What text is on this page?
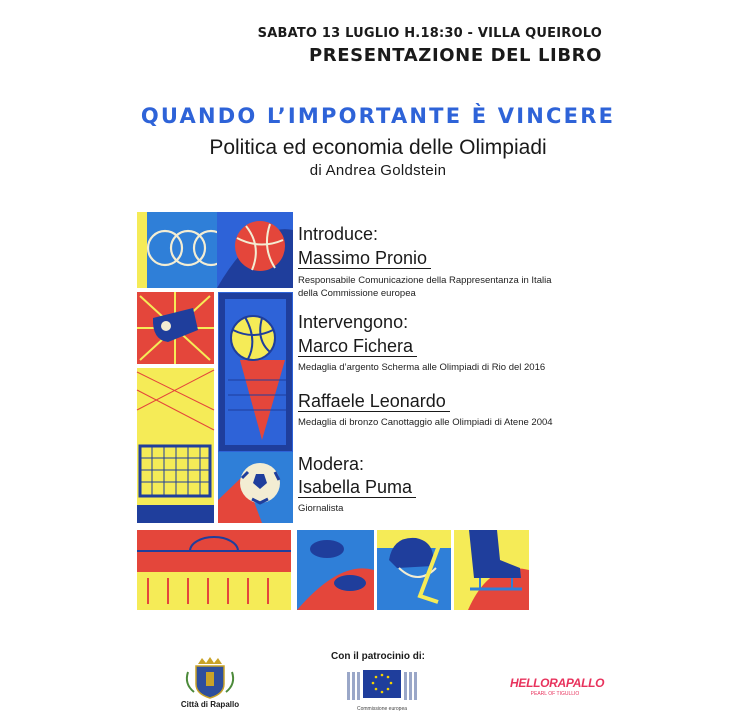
SABATO 13 LUGLIO H.18:30 - VILLA QUEIROLO
PRESENTAZIONE DEL LIBRO
QUANDO L’IMPORTANTE È VINCERE
Politica ed economia delle Olimpiadi
di Andrea Goldstein
Introduce:
Massimo Pronio
Responsabile Comunicazione della Rappresentanza in Italia
della Commissione europea
Intervengono:
Marco Fichera
Medaglia d’argento Scherma alle Olimpiadi di Rio del 2016
Raffaele Leonardo
Medaglia di bronzo Canottaggio alle Olimpiadi di Atene 2004
Modera:
Isabella Puma
Giornalista
Con il patrocinio di:
Città di Rapallo	Commissione europea
HELLORAPALLO
PEARL OF TIGULLIO
